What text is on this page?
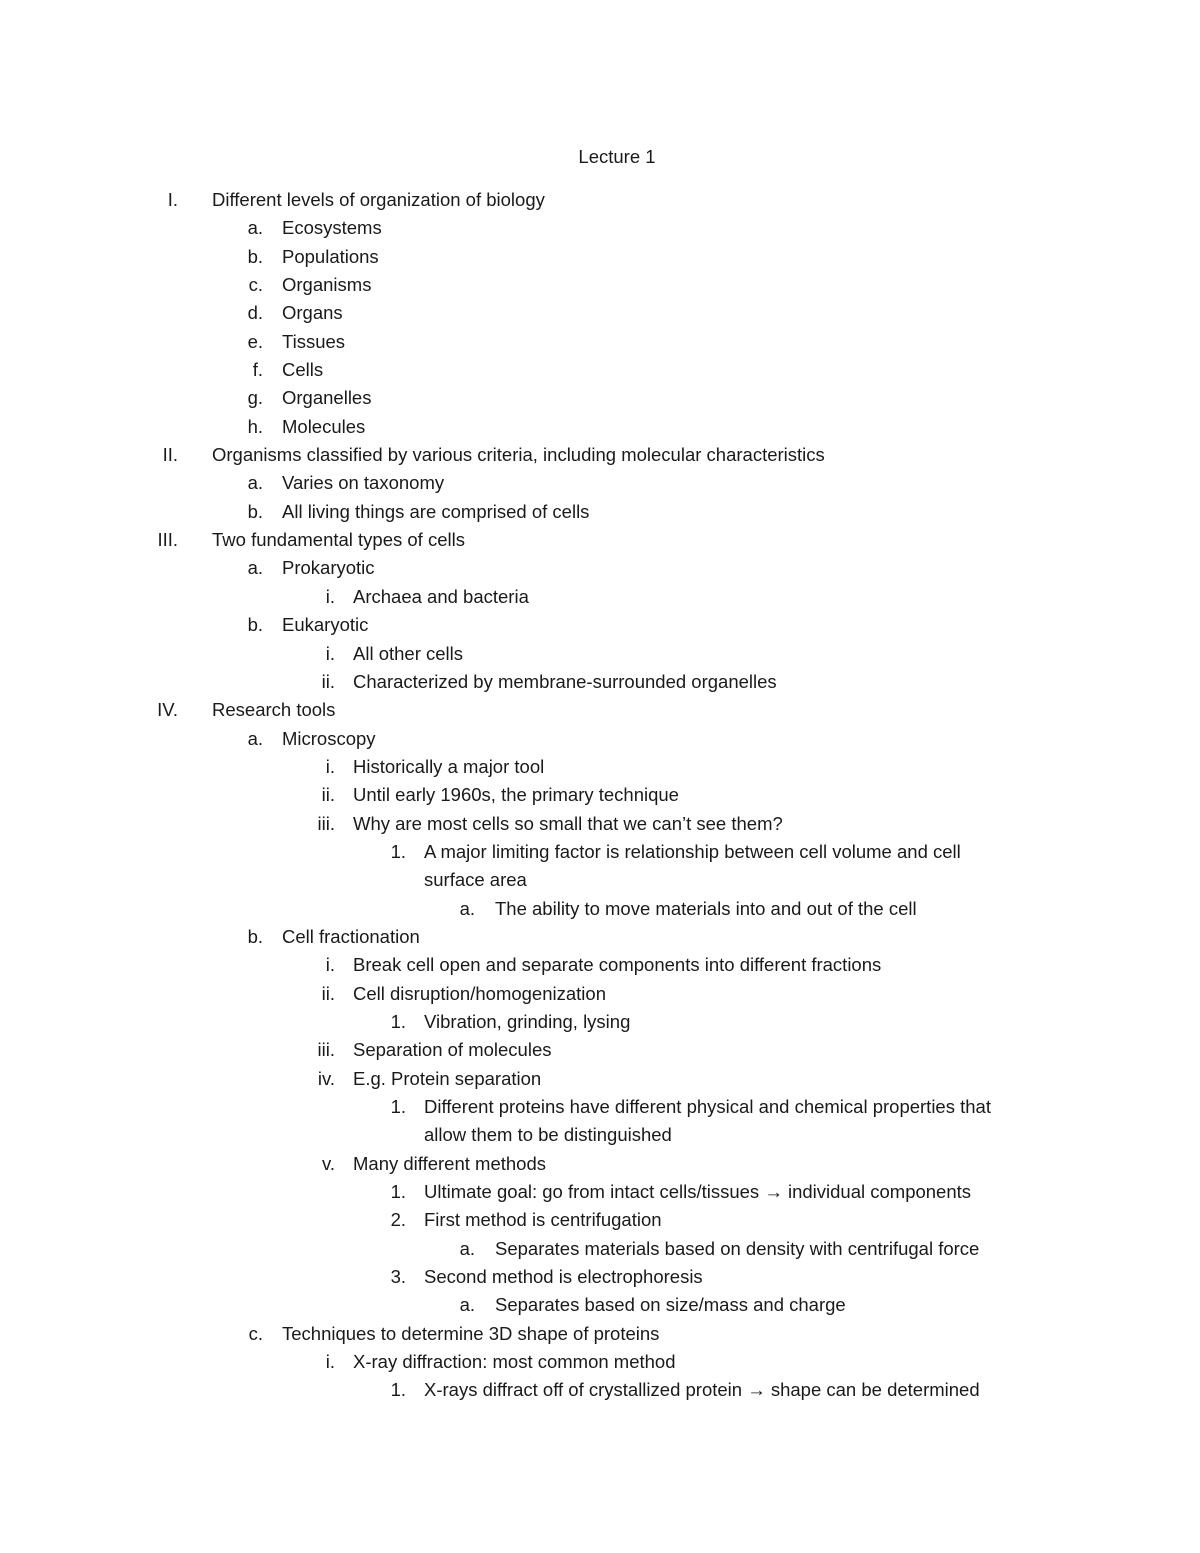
Lecture 1
I. Different levels of organization of biology
a. Ecosystems
b. Populations
c. Organisms
d. Organs
e. Tissues
f. Cells
g. Organelles
h. Molecules
II. Organisms classified by various criteria, including molecular characteristics
a. Varies on taxonomy
b. All living things are comprised of cells
III. Two fundamental types of cells
a. Prokaryotic
i. Archaea and bacteria
b. Eukaryotic
i. All other cells
ii. Characterized by membrane-surrounded organelles
IV. Research tools
a. Microscopy
i. Historically a major tool
ii. Until early 1960s, the primary technique
iii. Why are most cells so small that we can’t see them?
1. A major limiting factor is relationship between cell volume and cell
surface area
a. The ability to move materials into and out of the cell
b. Cell fractionation
i. Break cell open and separate components into different fractions
ii. Cell disruption/homogenization
1. Vibration, grinding, lysing
iii. Separation of molecules
iv. E.g. Protein separation
1. Different proteins have different physical and chemical properties that
allow them to be distinguished
v. Many different methods
1. Ultimate goal: go from intact cells/tissues → individual components
2. First method is centrifugation
a. Separates materials based on density with centrifugal force
3. Second method is electrophoresis
a. Separates based on size/mass and charge
c. Techniques to determine 3D shape of proteins
i. X-ray diffraction: most common method
1. X-rays diffract off of crystallized protein → shape can be determined
